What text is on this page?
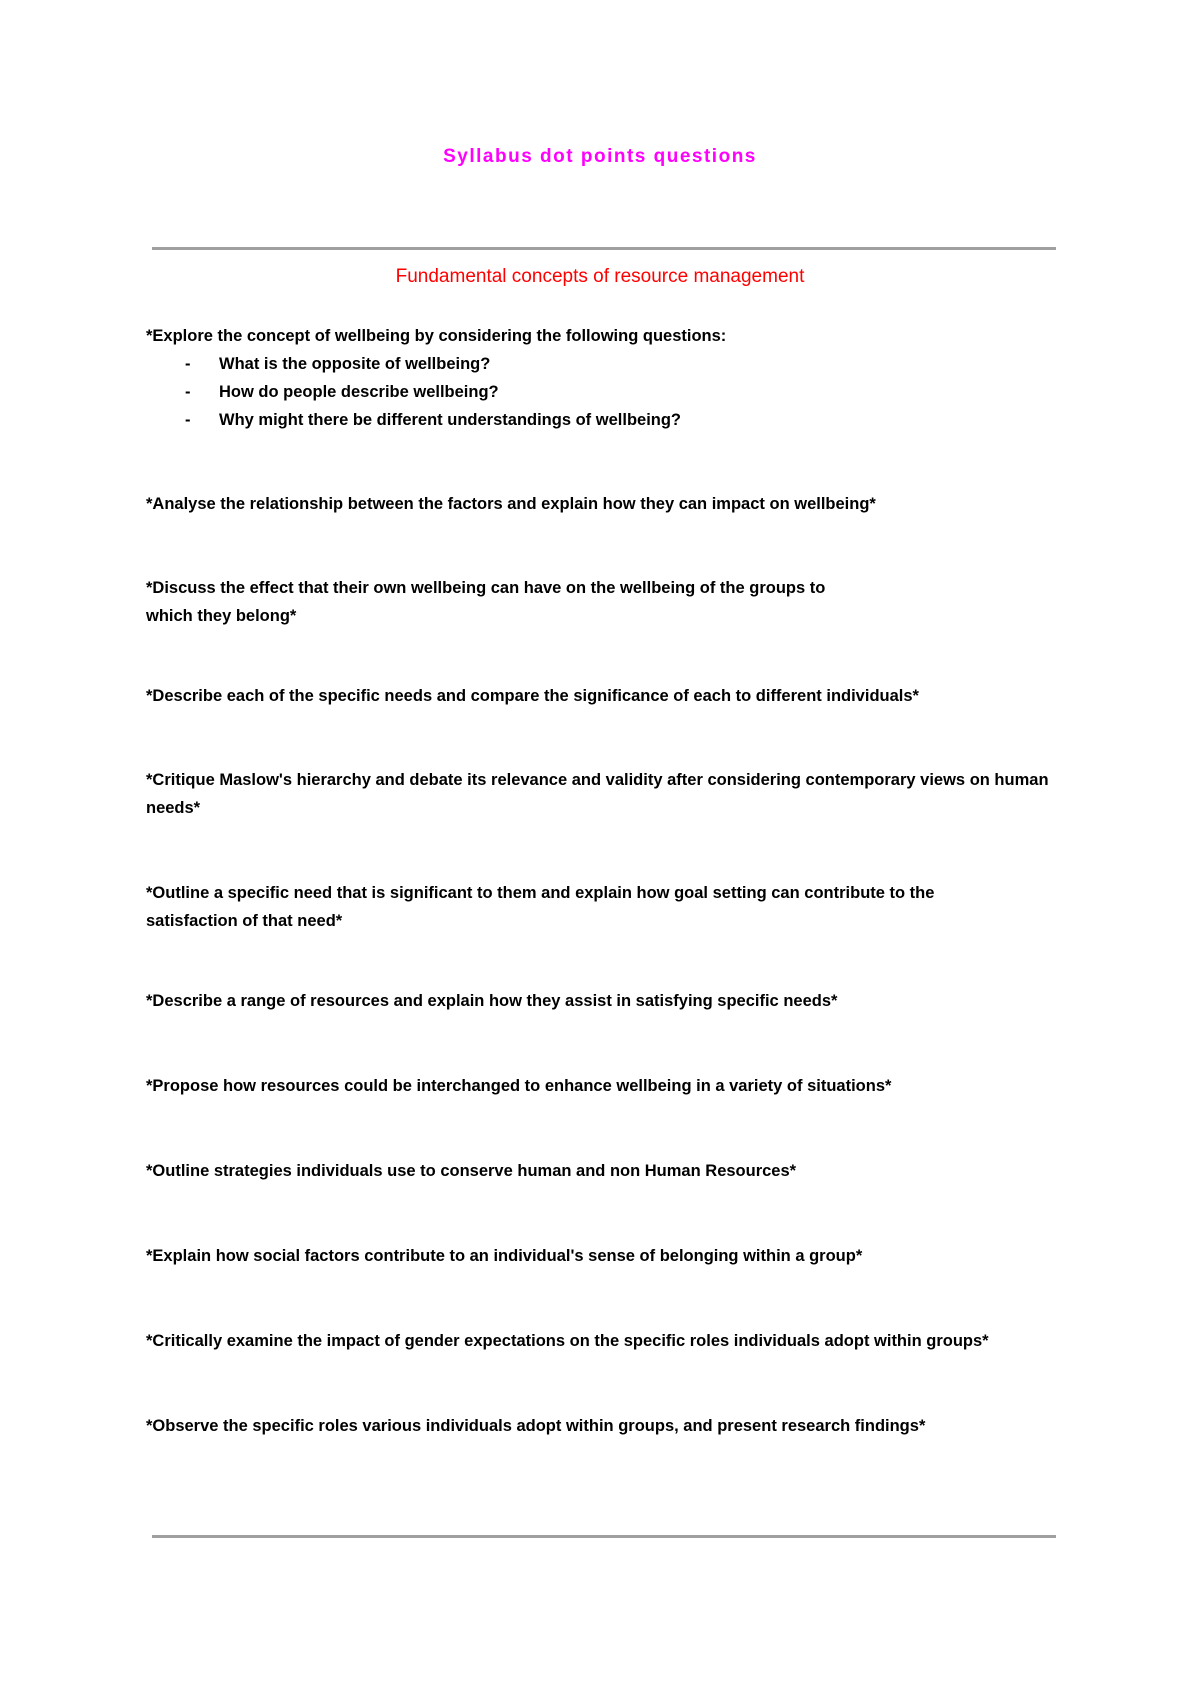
Syllabus dot points questions
Fundamental concepts of resource management

*Explore the concept of wellbeing by considering the following questions:

- What is the opposite of wellbeing?
- How do people describe wellbeing?
- Why might there be different understandings of wellbeing?

*Analyse the relationship between the factors and explain how they can impact on wellbeing*

*Discuss the effect that their own wellbeing can have on the wellbeing of the groups to which they belong*

*Describe each of the specific needs and compare the significance of each to different individuals*

*Critique Maslow's hierarchy and debate its relevance and validity after considering contemporary views on human needs*

*Outline a specific need that is significant to them and explain how goal setting can contribute to the satisfaction of that need*

*Describe a range of resources and explain how they assist in satisfying specific needs*

*Propose how resources could be interchanged to enhance wellbeing in a variety of situations*

*Outline strategies individuals use to conserve human and non Human Resources*

*Explain how social factors contribute to an individual's sense of belonging within a group*

*Critically examine the impact of gender expectations on the specific roles individuals adopt within groups*

*Observe the specific roles various individuals adopt within groups, and present research findings*
